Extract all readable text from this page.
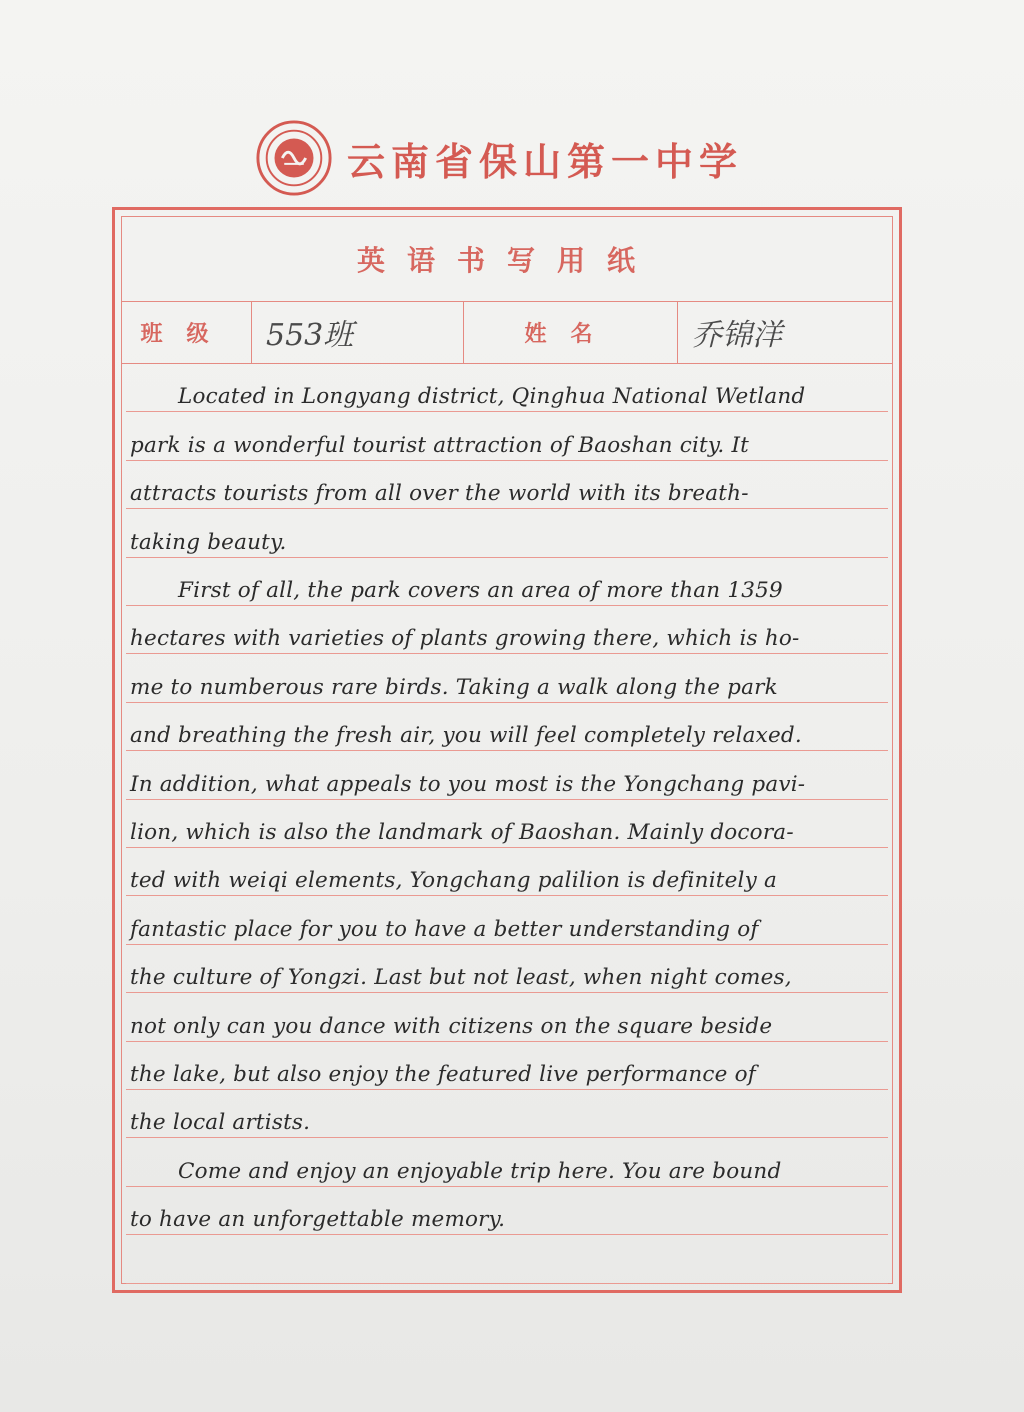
云南省保山第一中学
英语书写用纸
班级 553班	姓名	乔锦洋
Located in Longyang district, Qinghua National Wetland
park is a wonderful tourist attraction of Baoshan city. It
attracts tourists from all over the world with its breath-
taking beauty.
First of all, the park covers an area of more than 1359
hectares with varieties of plants growing there, which is ho-
me to numberous rare birds. Taking a walk along the park
and breathing the fresh air, you will feel completely relaxed.
In addition, what appeals to you most is the Yongchang pavi-
lion, which is also the landmark of Baoshan. Mainly docora-
ted with weiqi elements, Yongchang palilion is definitely a
fantastic place for you to have a better understanding of
the culture of Yongzi. Last but not least, when night comes,
not only can you dance with citizens on the square beside
the lake, but also enjoy the featured live performance of
the local artists.
Come and enjoy an enjoyable trip here. You are bound
to have an unforgettable memory.
